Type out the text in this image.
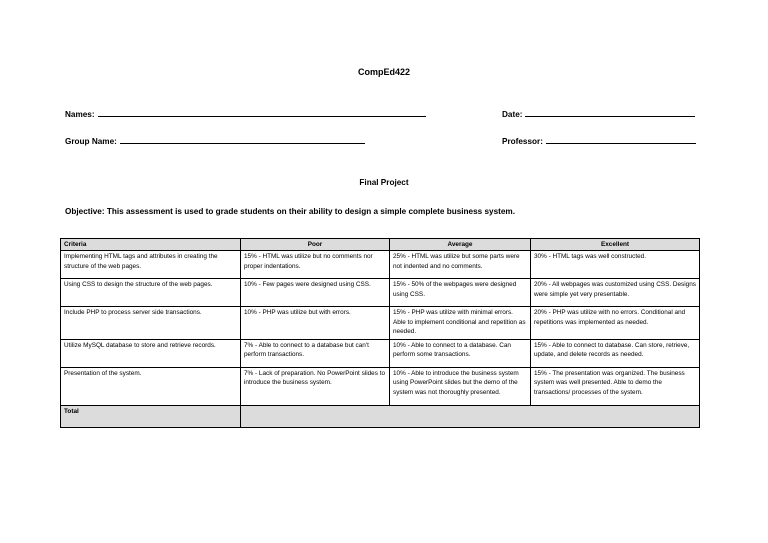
CompEd422
Names:	Date:
Group Name:	Professor:
Final Project
Objective: This assessment is used to grade students on their ability to design a simple complete business system.
Criteria	Poor	Average	Excellent
Implementing HTML tags and attributes in creating the structure of the web pages.	15% - HTML was utilize but no comments nor proper indentations.	25% - HTML was utilize but some parts were not indented and no comments.	30% - HTML tags was well constructed.
Using CSS to design the structure of the web pages.	10% - Few pages were designed using CSS.	15% - 50% of the webpages were designed using CSS.	20% - All webpages was customized using CSS. Designs were simple yet very presentable.
Include PHP to process server side transactions.	10% - PHP was utilize but with errors.	15% - PHP was utilize with minimal errors. Able to implement conditional and repetition as needed.	20% - PHP was utilize with no errors. Conditional and repetitions was implemented as needed.
Utilize MySQL database to store and retrieve records.	7% - Able to connect to a database but can't perform transactions.	10% - Able to connect to a database. Can perform some transactions.	15% - Able to connect to database. Can store, retrieve, update, and delete records as needed.
Presentation of the system.	7% - Lack of preparation. No PowerPoint slides to introduce the business system.	10% - Able to introduce the business system using PowerPoint slides but the demo of the system was not thoroughly presented.	15% - The presentation was organized. The business system was well presented. Able to demo the transactions/ processes of the system.
Total			
